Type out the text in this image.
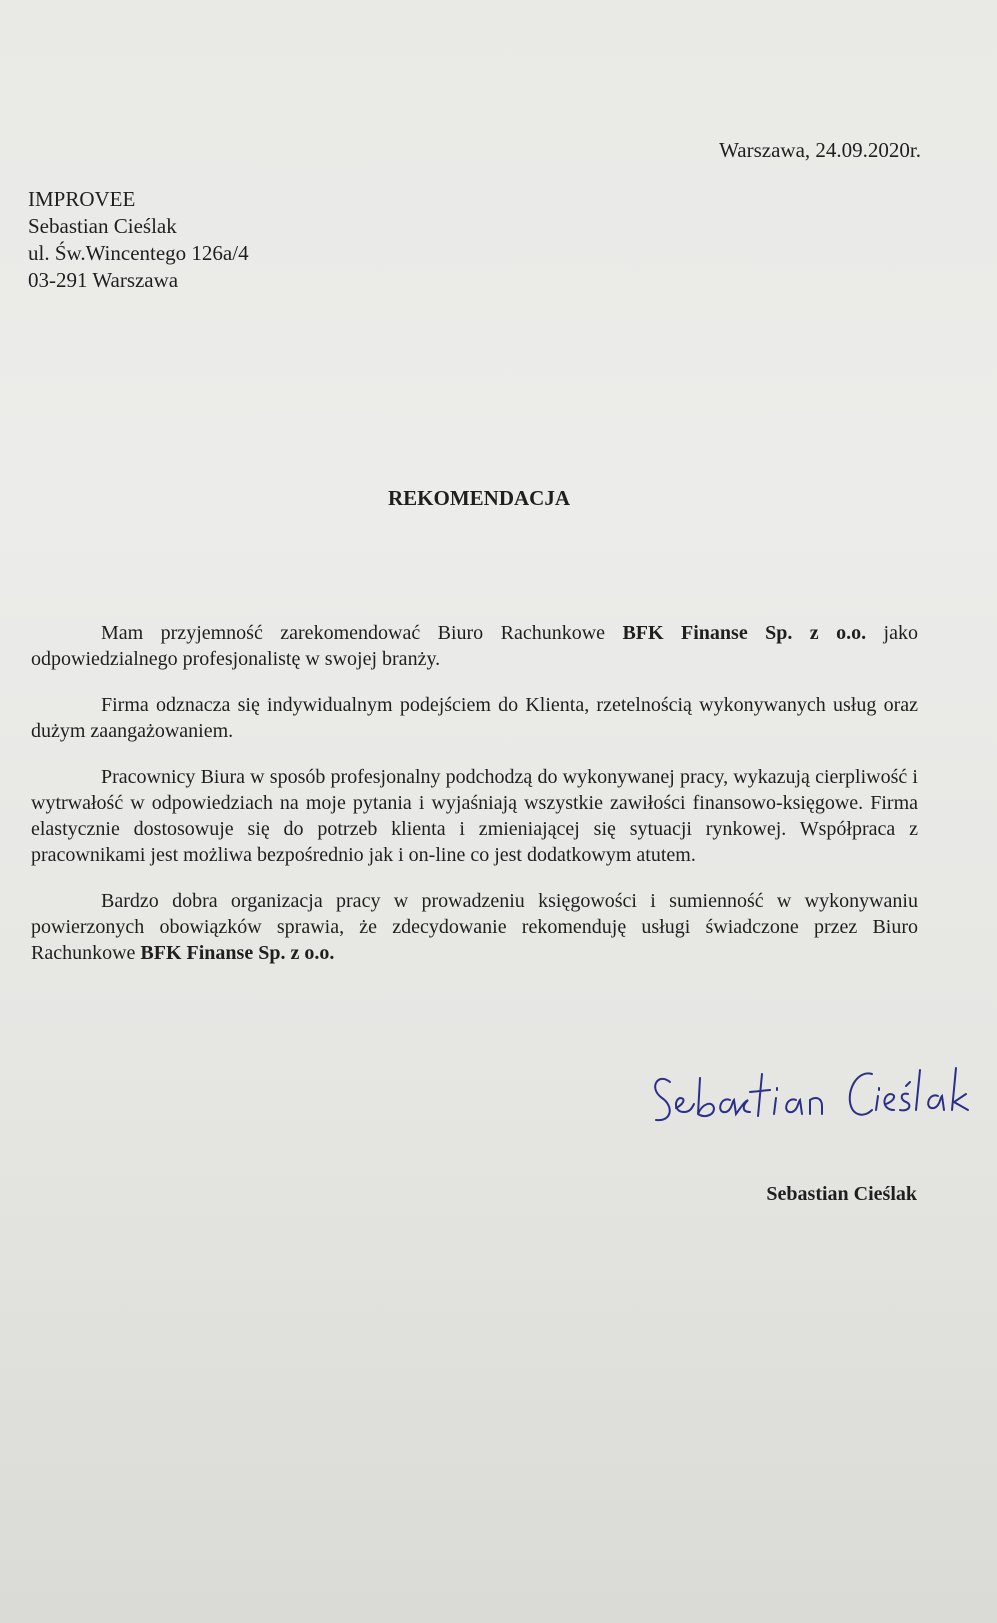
Warszawa, 24.09.2020r.
IMPROVEE
Sebastian Cieślak
ul. Św.Wincentego 126a/4
03-291 Warszawa
REKOMENDACJA

Mam przyjemność zarekomendować Biuro Rachunkowe BFK Finanse Sp. z o.o. jako odpowiedzialnego profesjonalistę w swojej branży.

Firma odznacza się indywidualnym podejściem do Klienta, rzetelnością wykonywanych usług oraz dużym zaangażowaniem.

Pracownicy Biura w sposób profesjonalny podchodzą do wykonywanej pracy, wykazują cierpliwość i wytrwałość w odpowiedziach na moje pytania i wyjaśniają wszystkie zawiłości finansowo-księgowe. Firma elastycznie dostosowuje się do potrzeb klienta i zmieniającej się sytuacji rynkowej. Współpraca z pracownikami jest możliwa bezpośrednio jak i on-line co jest dodatkowym atutem.

Bardzo dobra organizacja pracy w prowadzeniu księgowości i sumienność w wykonywaniu powierzonych obowiązków sprawia, że zdecydowanie rekomenduję usługi świadczone przez Biuro Rachunkowe BFK Finanse Sp. z o.o.

Sebastian Cieślak
